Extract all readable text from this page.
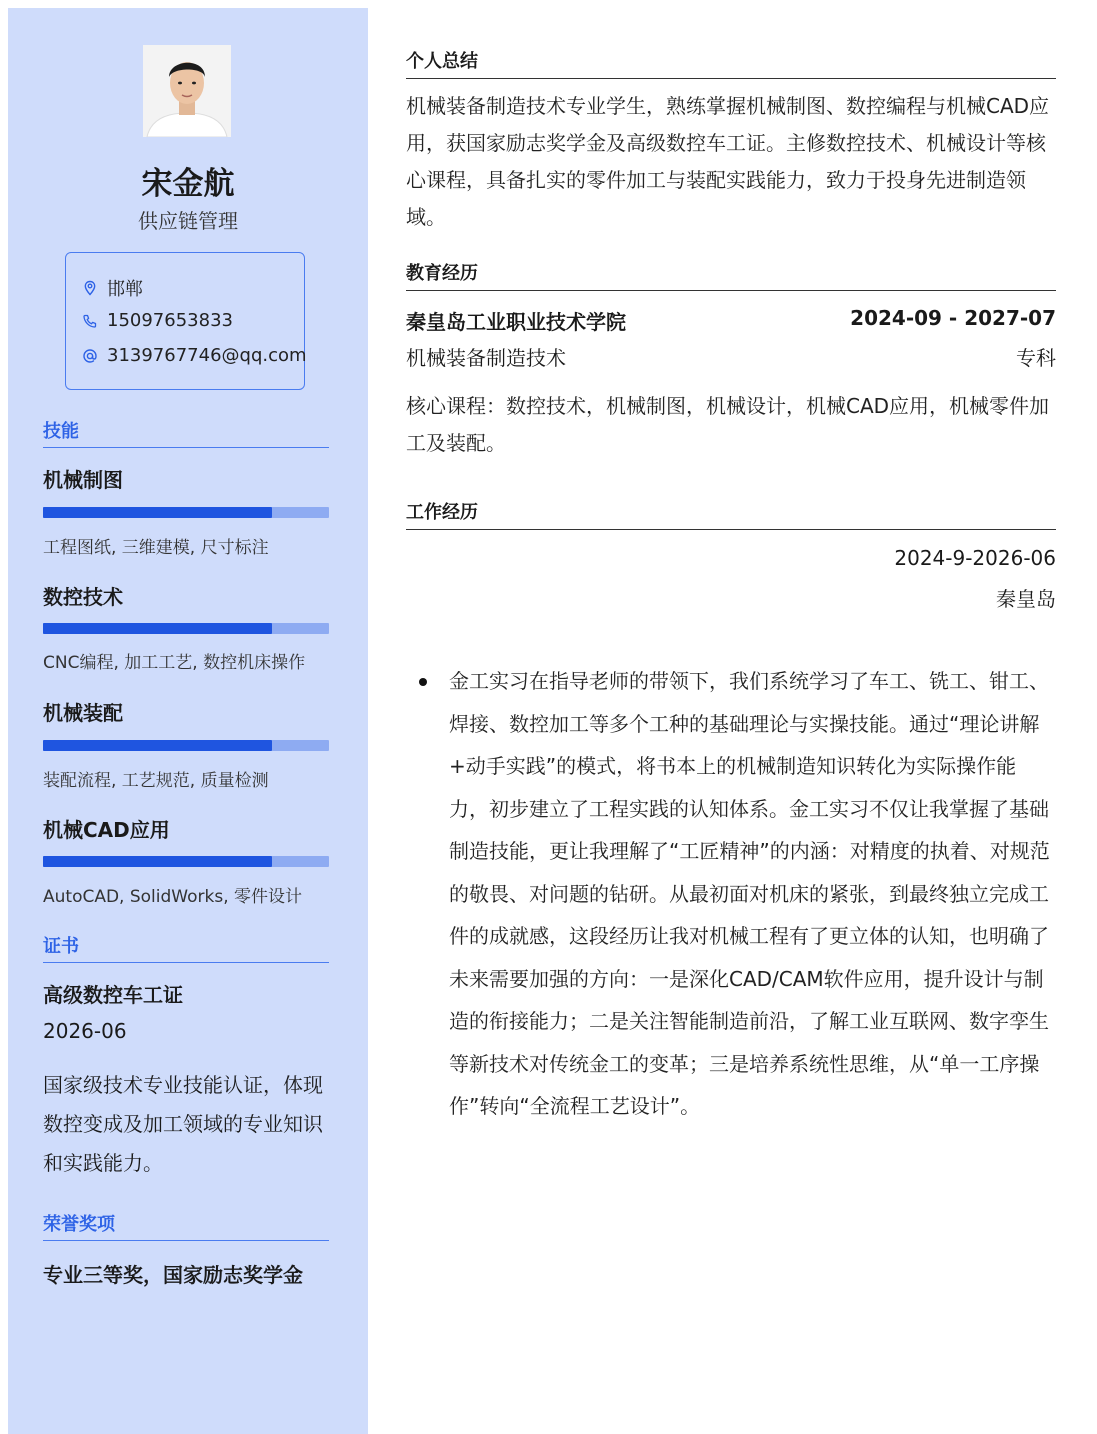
宋金航
供应链管理
邯郸
15097653833
3139767746@qq.com
技能
机械制图
工程图纸, 三维建模, 尺寸标注
数控技术
CNC编程, 加工工艺, 数控机床操作
机械装配
装配流程, 工艺规范, 质量检测
机械CAD应用
AutoCAD, SolidWorks, 零件设计
证书
高级数控车工证
2026-06
国家级技术专业技能认证，体现数控变成及加工领域的专业知识和实践能力。
荣誉奖项
专业三等奖，国家励志奖学金
个人总结
机械装备制造技术专业学生，熟练掌握机械制图、数控编程与机械CAD应用，获国家励志奖学金及高级数控车工证。主修数控技术、机械设计等核心课程，具备扎实的零件加工与装配实践能力，致力于投身先进制造领域。
教育经历
秦皇岛工业职业技术学院	2024-09 - 2027-07
机械装备制造技术	专科
核心课程：数控技术，机械制图，机械设计，机械CAD应用，机械零件加工及装配。
工作经历
2024-9-2026-06
秦皇岛
金工实习在指导老师的带领下，我们系统学习了车工、铣工、钳工、焊接、数控加工等多个工种的基础理论与实操技能。通过“理论讲解+动手实践”的模式，将书本上的机械制造知识转化为实际操作能力，初步建立了工程实践的认知体系。金工实习不仅让我掌握了基础制造技能，更让我理解了“工匠精神”的内涵：对精度的执着、对规范的敬畏、对问题的钻研。从最初面对机床的紧张，到最终独立完成工件的成就感，这段经历让我对机械工程有了更立体的认知，也明确了未来需要加强的方向：一是深化CAD/CAM软件应用，提升设计与制造的衔接能力；二是关注智能制造前沿，了解工业互联网、数字孪生等新技术对传统金工的变革；三是培养系统性思维，从“单一工序操作”转向“全流程工艺设计”。
